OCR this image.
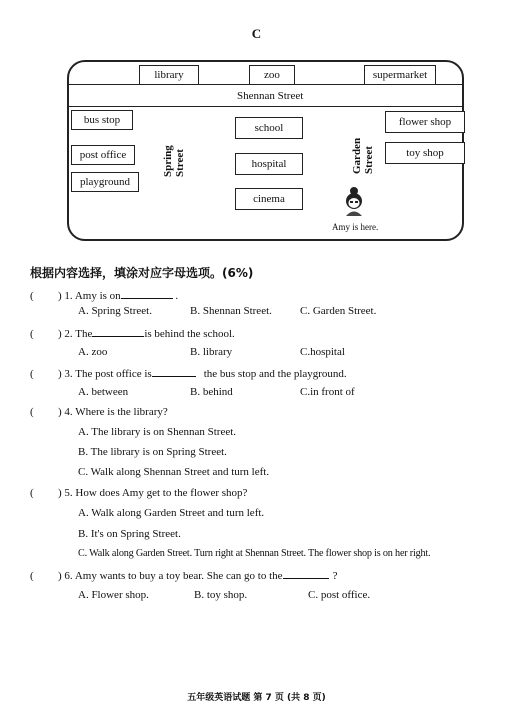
C
library	zoo	supermarket
Shennan Street
bus stop
post office
playground
Spring Street
school
hospital
cinema
Garden Street
flower shop
toy shop
Amy is here.
根据内容选择，填涂对应字母选项。(6%)
( ) 1. Amy is on	.
A. Spring Street.	B. Shennan Street.	C. Garden Street.
( ) 2. The	is behind the school.
A. zoo	B. library	C.hospital
( ) 3. The post office is	the bus stop and the playground.
A. between	B. behind	C.in front of
( ) 4. Where is the library?
A. The library is on Shennan Street.
B. The library is on Spring Street.
C. Walk along Shennan Street and turn left.
( ) 5. How does Amy get to the flower shop?
A. Walk along Garden Street and turn left.
B. It's on Spring Street.
C. Walk along Garden Street. Turn right at Shennan Street. The flower shop is on her right.
( ) 6. Amy wants to buy a toy bear. She can go to the	?
A. Flower shop.	B. toy shop.	C. post office.
五年级英语试题 第 7 页 (共 8 页)
